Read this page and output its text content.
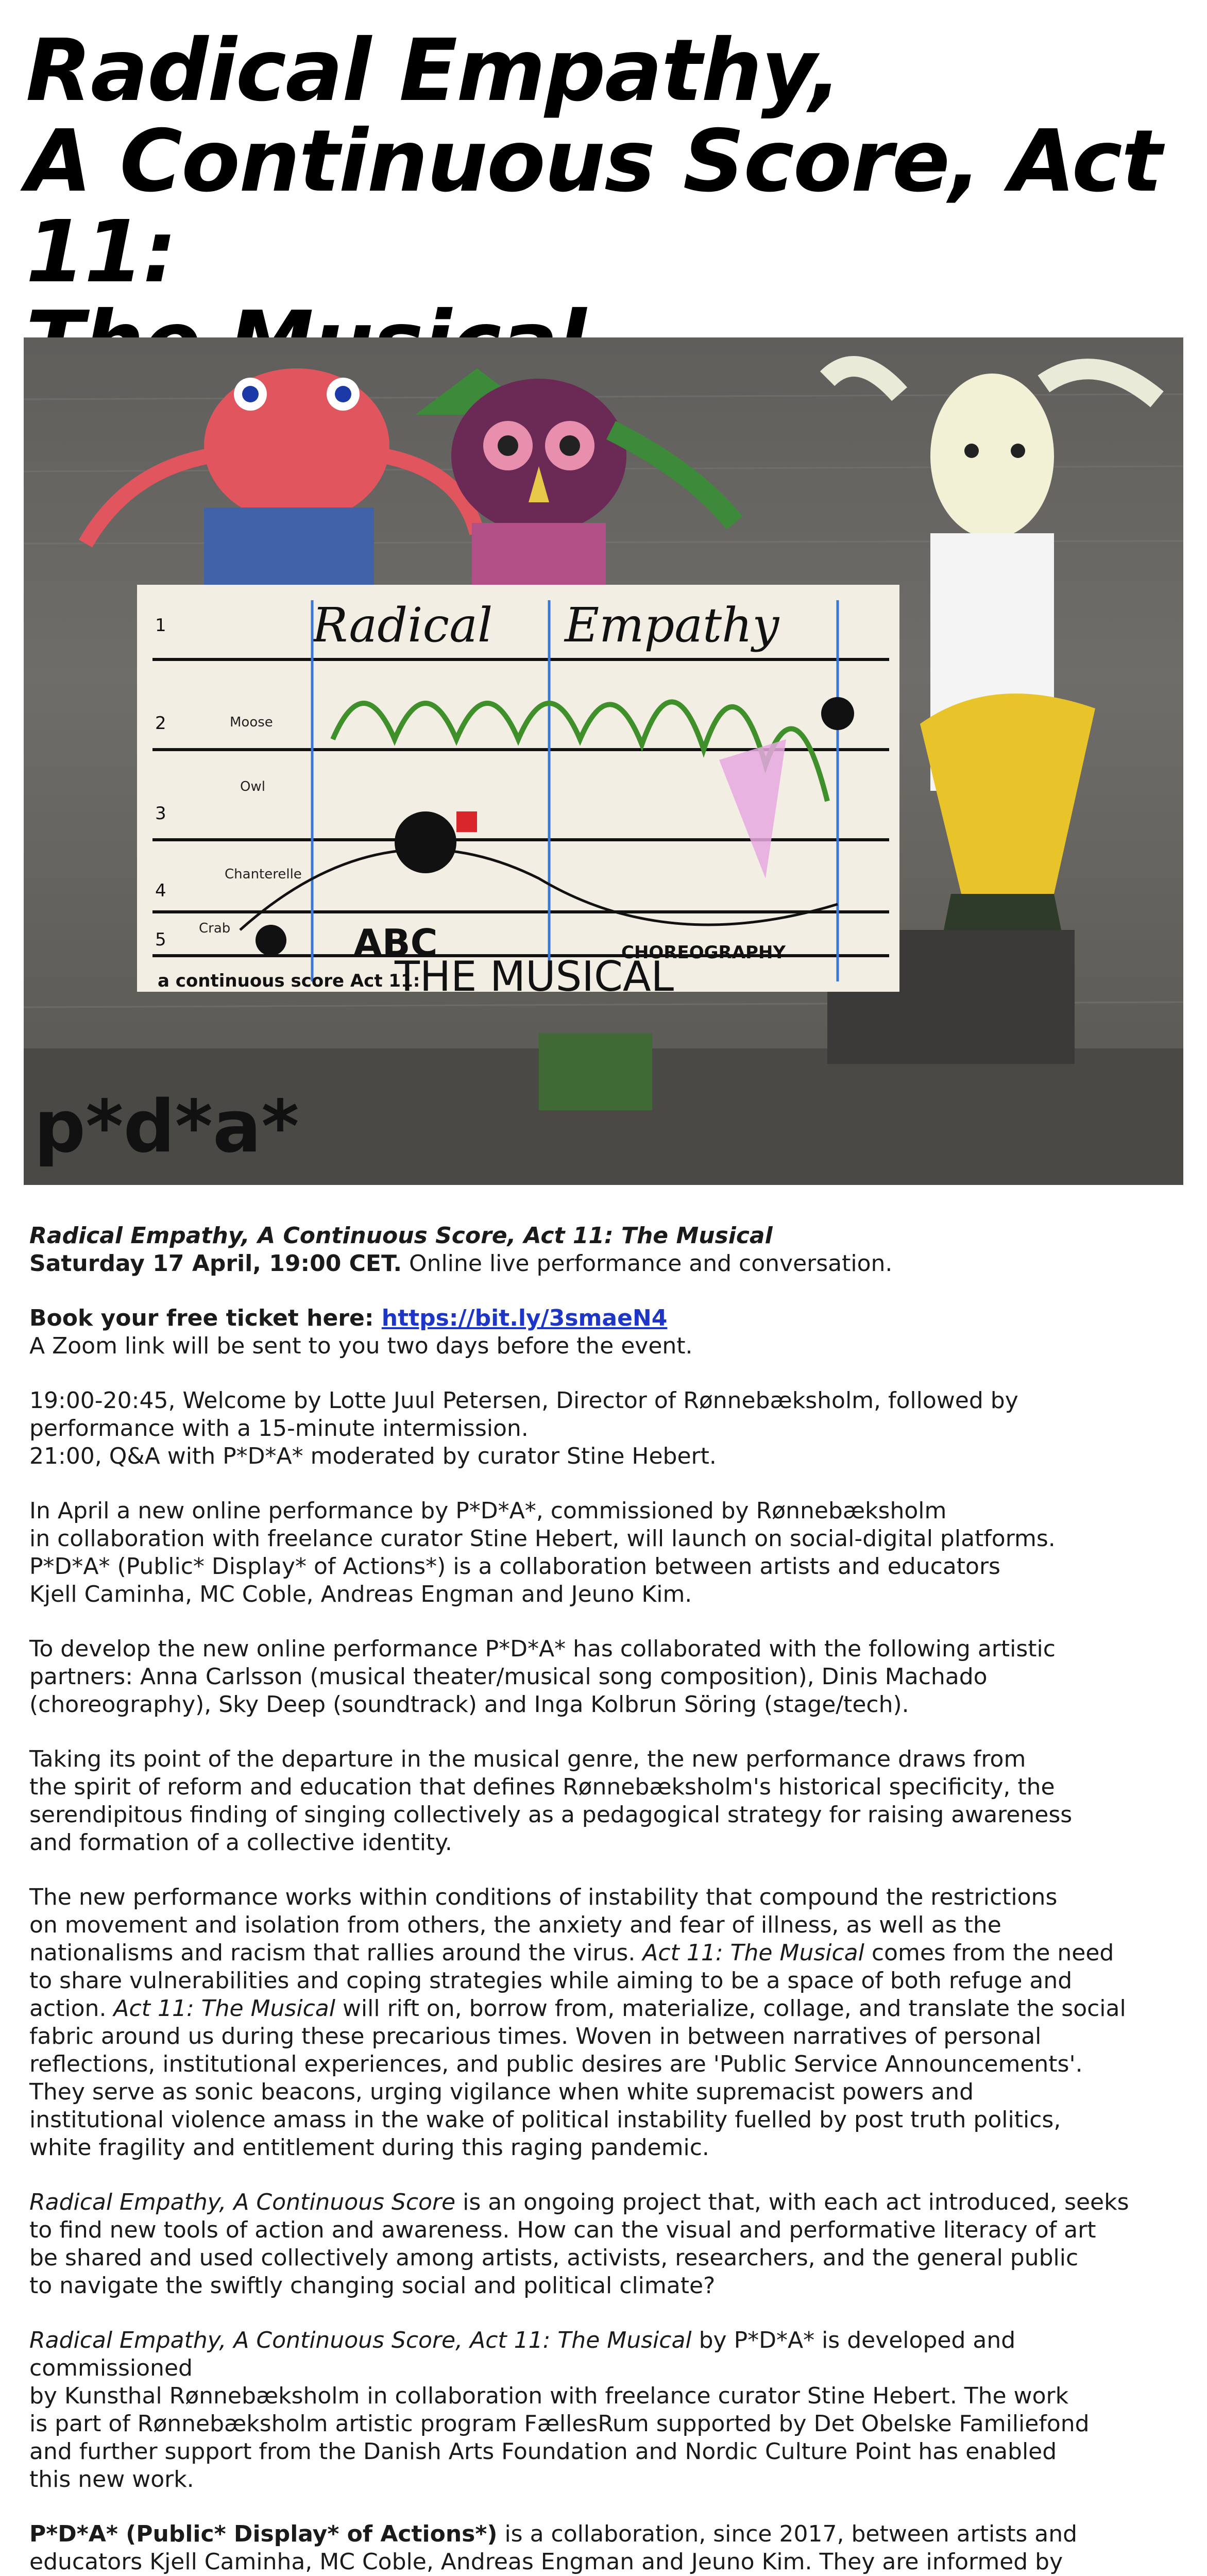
Radical Empathy,
A Continuous Score, Act 11:
Radical Empathy
1
2
3
4
5
Moose
Owl
Chanterelle
Crab	ABC	CHOREOGRAPHY
a continuous score Act 11:
THE MUSICAL
p*d*a*

Radical Empathy, A Continuous Score, Act 11: The Musical
Saturday 17 April, 19:00 CET. Online live performance and conversation.

Book your free ticket here: https://bit.ly/3smaeN4
A Zoom link will be sent to you two days before the event.

19:00-20:45, Welcome by Lotte Juul Petersen, Director of Rønnebæksholm, followed by
performance with a 15-minute intermission.
21:00, Q&A with P*D*A* moderated by curator Stine Hebert.

In April a new online performance by P*D*A*, commissioned by Rønnebæksholm
in collaboration with freelance curator Stine Hebert, will launch on social-digital platforms.
P*D*A* (Public* Display* of Actions*) is a collaboration between artists and educators
Kjell Caminha, MC Coble, Andreas Engman and Jeuno Kim.

To develop the new online performance P*D*A* has collaborated with the following artistic
partners: Anna Carlsson (musical theater/musical song composition), Dinis Machado
(choreography), Sky Deep (soundtrack) and Inga Kolbrun Söring (stage/tech).

Taking its point of the departure in the musical genre, the new performance draws from
the spirit of reform and education that defines Rønnebæksholm's historical specificity, the
serendipitous finding of singing collectively as a pedagogical strategy for raising awareness
and formation of a collective identity.

The new performance works within conditions of instability that compound the restrictions
on movement and isolation from others, the anxiety and fear of illness, as well as the
nationalisms and racism that rallies around the virus. Act 11: The Musical comes from the need
to share vulnerabilities and coping strategies while aiming to be a space of both refuge and
action. Act 11: The Musical will rift on, borrow from, materialize, collage, and translate the social
fabric around us during these precarious times. Woven in between narratives of personal
reflections, institutional experiences, and public desires are 'Public Service Announcements'.
They serve as sonic beacons, urging vigilance when white supremacist powers and
institutional violence amass in the wake of political instability fuelled by post truth politics,
white fragility and entitlement during this raging pandemic.

Radical Empathy, A Continuous Score is an ongoing project that, with each act introduced, seeks
to find new tools of action and awareness. How can the visual and performative literacy of art
be shared and used collectively among artists, activists, researchers, and the general public
to navigate the swiftly changing social and political climate?

Radical Empathy, A Continuous Score, Act 11: The Musical by P*D*A* is developed and commissioned
by Kunsthal Rønnebæksholm in collaboration with freelance curator Stine Hebert. The work
is part of Rønnebæksholm artistic program FællesRum supported by Det Obelske Familiefond
and further support from the Danish Arts Foundation and Nordic Culture Point has enabled
this new work.

P*D*A* (Public* Display* of Actions*) is a collaboration, since 2017, between artists and
educators Kjell Caminha, MC Coble, Andreas Engman and Jeuno Kim. They are informed by
